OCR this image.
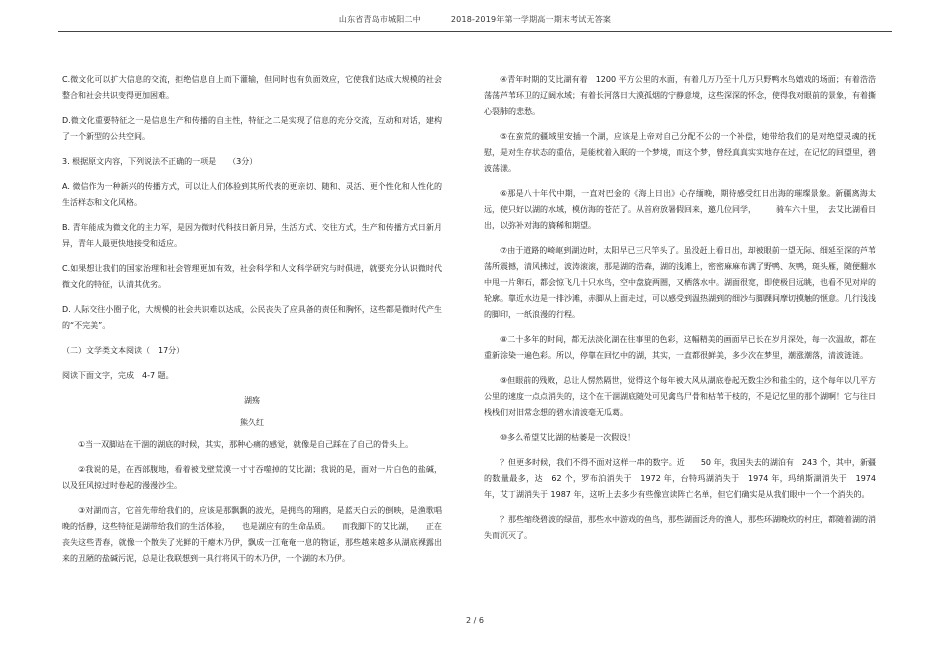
山东省青岛市城阳二中	2018-2019年第一学期高一期末考试无答案

C.微文化可以扩大信息的交流，拒绝信息自上而下灌输，但同时也有负面效应，它使我们达成大规模的社会整合和社会共识变得更加困难。

D.微文化重要特征之一是信息生产和传播的自主性，特征之二是实现了信息的充分交流，互动和对话，建构了一个新型的公共空间。

3. 根据原文内容，下列说法不正确的一项是　　（3分）

A. 微信作为一种新兴的传播方式，可以让人们体验到其所代表的更亲切、随和、灵活、更个性化和人性化的生活样态和文化风格。

B. 青年能成为微文化的主力军，是因为微时代科技日新月异，生活方式、交往方式，生产和传播方式日新月异，青年人最更快地接受和适应。

C.如果想让我们的国家治理和社会管理更加有效，社会科学和人文科学研究与时俱进，就要充分认识微时代微文化的特征，认清其优劣。

D. 人际交往小圈子化，大规模的社会共识难以达成，公民丧失了应具备的责任和胸怀，这些都是微时代产生的“不完美”。

（二）文学类文本阅读（　17分）

阅读下面文字，完成　4-7 题。

湖殇

熊久红

①当一双脚站在干涸的湖底的时候，其实，那种心痛的感觉，就像是自己踩在了自己的骨头上。

②我说的是，在西部腹地，看着被戈壁荒漠一寸寸吞噬掉的艾比湖；我说的是，面对一片白色的盐碱，以及狂风掠过时卷起的漫漫沙尘。

③对湖而言，它首先带给我们的，应该是那飘飘的波光，是拥鸟的翔鸥，是蓝天白云的倒映，是渔歌唱晚的恬静，这些特征是湖带给我们的生活体验，　　也是湖应有的生命品质。　　而我脚下的艾比湖，　　正在丧失这些青春，就像一个散失了光鲜的干瘪木乃伊，飘成一江奄奄一息的物证，那些越来越多从湖底裸露出来的丑陋的盐碱污泥，总是让我联想到一具行将风干的木乃伊，一个湖的木乃伊。

④青年时期的艾比湖有着　1200 平方公里的水面，有着几万乃至十几万只野鸭水鸟嬉戏的场面；有着浩浩荡荡芦苇环卫的辽阔水域；有着长河落日大漠孤烟的宁静意境，这些深深的怀念，使得我对眼前的景象，有着撕心裂肺的悲愁。

⑤在蛮荒的疆域里安插一个湖，应该是上帝对自己分配不公的一个补偿，她带给我们的是对绝望灵魂的抚慰，是对生存状态的重估，是能枕着入眠的一个梦境，而这个梦，曾经真真实实地存在过，在记忆的回望里，碧波荡漾。

⑥那是八十年代中期，一直对巴金的《海上日出》心存缅晚，期待感受红日出海的璀璨景象。新疆离海太远，使只好以湖的水域，模仿海的苍茫了。从首府放暑假回来，邀几位同学，　　　骑车六十里，　去艾比湖看日出，以弥补对海的旖稀和期望。

⑦由于道路的崎岖到湖边时，太阳早已三尺竿头了。虽没赶上看日出，却被眼前一望无际、细延至深的芦苇荡所震撼，清风拂过，波涛滚滚，那是湖的浩森，湖的浅滩上，密密麻麻布满了野鸭、灰鸭，斑头雁，随便翻水中甩一片卵石，都会惊飞几十只水鸟，空中盘旋两圈，又栖落水中。湖面很宽，即使极目远眺，也看不见对岸的轮廓。靠近水边是一排沙滩，赤脚从上面走过，可以感受到温热湖到的细沙与脚踝间摩切摸触的惬意。几行浅浅的脚印，一纸浪漫的行程。

⑧二十多年的时间，都无法淡化湖在往事里的色彩，这幅精美的画面早已长在岁月深处，每一次温故，都在重新涂染一遍色彩。所以，停靠在回忆中的湖，其实，一直都很鲜美，多少次在梦里，潮涨潮落，清波涟涟。

⑨但眼前的残败，总让人愣然隔世，觉得这个每年被大风从湖底卷起无数尘沙和盐尘的，这个每年以几平方公里的速度一点点消失的，这个在干涸湖底随处可见禽鸟尸骨和枯苇干枝的，不是记忆里的那个湖啊！它与往日栈栈们对旧常念想的碧水清波毫无瓜葛。

⑩多么希望艾比湖的枯萎是一次假设！

？但更多时候，我们不得不面对这样一串的数字。近　　50 年，我国失去的湖泊有　243 个，其中，新疆的数量最多，达　62 个，罗布泊消失于　1972 年，台特玛湖消失于　1974 年，玛纳斯湖消失于　1974 年，艾丁湖消失于 1987 年，这听上去多少有些像宣读阵亡名单，但它们确实是从我们眼中一个一个消失的。

？那些缩绕碧波的绿苗，那些水中游戏的鱼鸟，那些湖面泛舟的渔人，那些环湖晚炊的村庄，都随着湖的消失而沉灭了。

2 / 6
